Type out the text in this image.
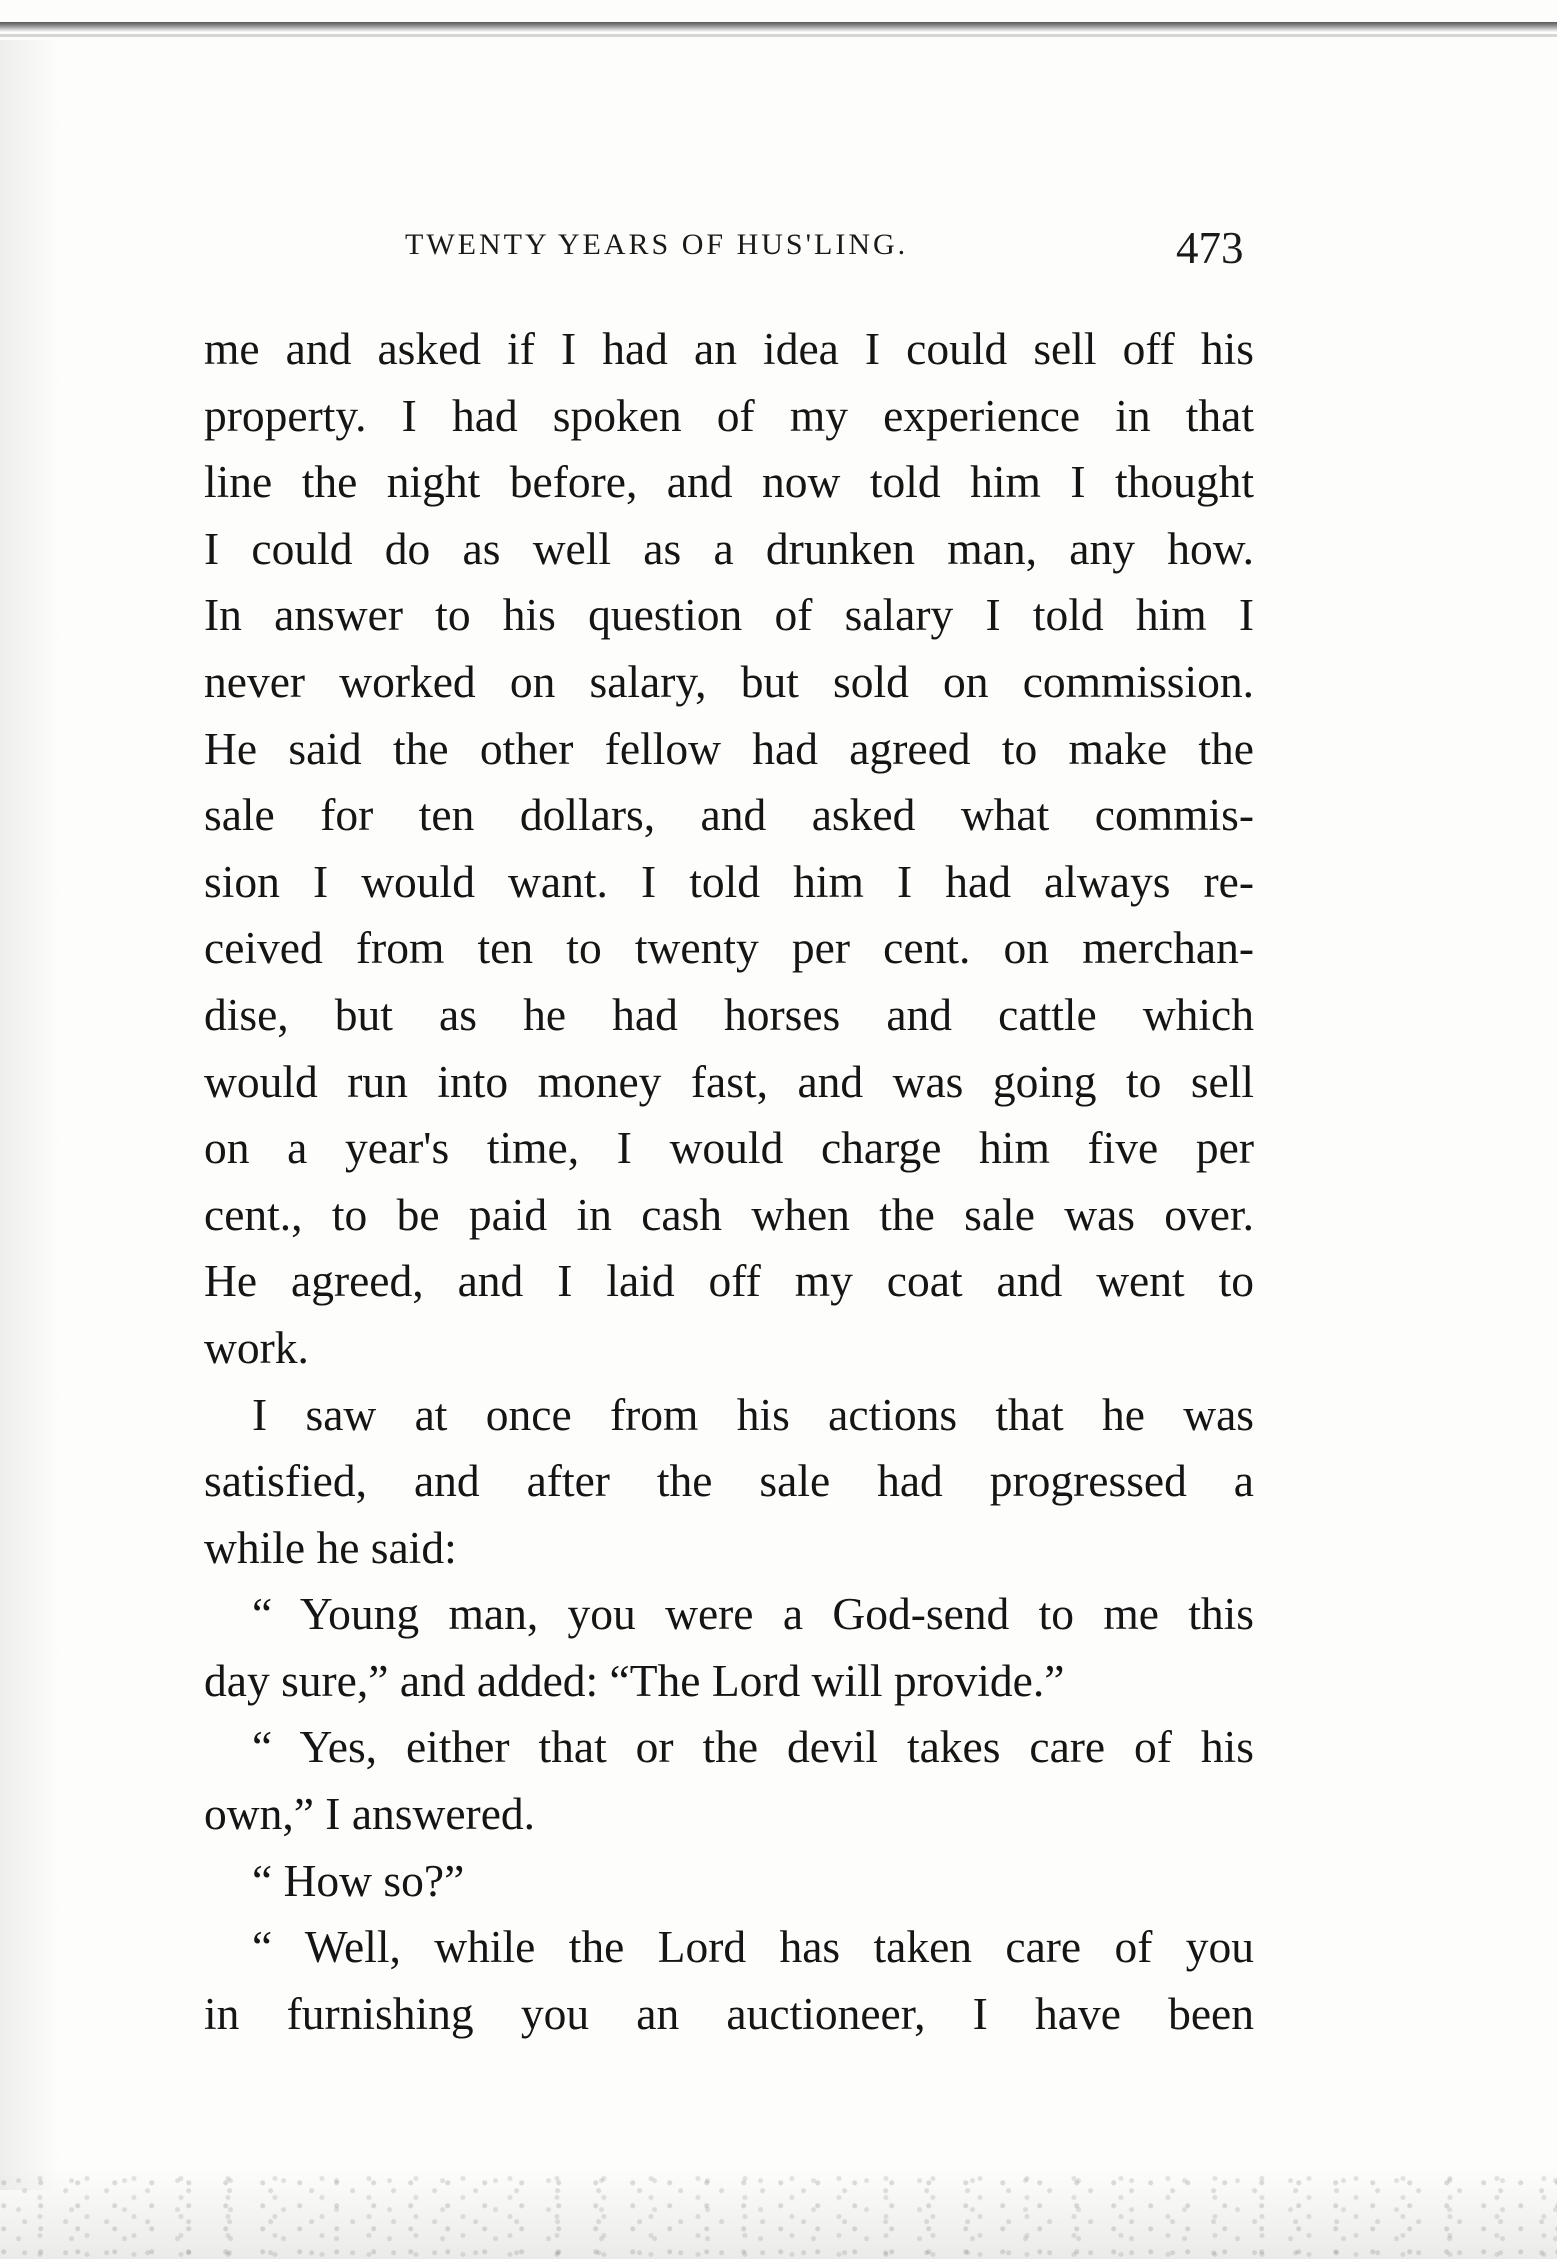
TWENTY YEARS OF HUS'LING.	473
me and asked if I had an idea I could sell off his
property. I had spoken of my experience in that
line the night before, and now told him I thought
I could do as well as a drunken man, any how.
In answer to his question of salary I told him I
never worked on salary, but sold on commission.
He said the other fellow had agreed to make the
sale for ten dollars, and asked what commis-
sion I would want. I told him I had always re-
ceived from ten to twenty per cent. on merchan-
dise, but as he had horses and cattle which
would run into money fast, and was going to sell
on a year's time, I would charge him five per
cent., to be paid in cash when the sale was over.
He agreed, and I laid off my coat and went to
work.
I saw at once from his actions that he was
satisfied, and after the sale had progressed a
while he said:
“ Young man, you were a God-send to me this
day sure,” and added: “The Lord will provide.”
“ Yes, either that or the devil takes care of his
own,” I answered.
“ How so?”
“ Well, while the Lord has taken care of you
in furnishing you an auctioneer, I have been
